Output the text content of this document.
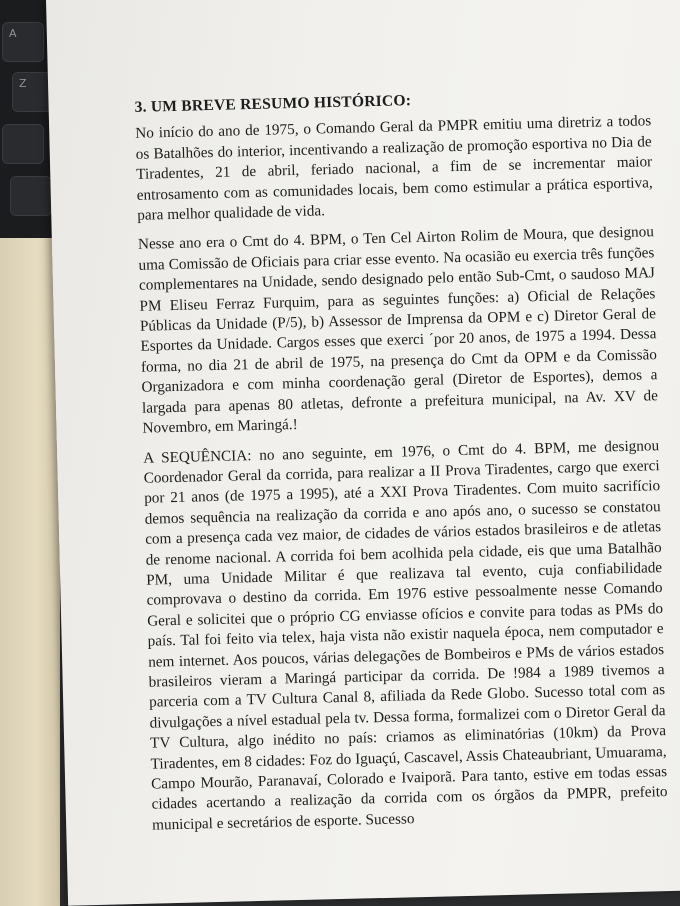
A
Z
3. UM BREVE RESUMO HISTÓRICO:

No início do ano de 1975, o Comando Geral da PMPR emitiu uma diretriz a todos os Batalhões do interior, incentivando a realização de promoção esportiva no Dia de Tiradentes, 21 de abril, feriado nacional, a fim de se incrementar maior entrosamento com as comunidades locais, bem como estimular a prática esportiva, para melhor qualidade de vida.

Nesse ano era o Cmt do 4. BPM, o Ten Cel Airton Rolim de Moura, que designou uma Comissão de Oficiais para criar esse evento. Na ocasião eu exercia três funções complementares na Unidade, sendo designado pelo então Sub-Cmt, o saudoso MAJ PM Eliseu Ferraz Furquim, para as seguintes funções: a) Oficial de Relações Públicas da Unidade (P/5), b) Assessor de Imprensa da OPM e c) Diretor Geral de Esportes da Unidade. Cargos esses que exerci ´por 20 anos, de 1975 a 1994. Dessa forma, no dia 21 de abril de 1975, na presença do Cmt da OPM e da Comissão Organizadora e com minha coordenação geral (Diretor de Esportes), demos a largada para apenas 80 atletas, defronte a prefeitura municipal, na Av. XV de Novembro, em Maringá.!

A SEQUÊNCIA: no ano seguinte, em 1976, o Cmt do 4. BPM, me designou Coordenador Geral da corrida, para realizar a II Prova Tiradentes, cargo que exerci por 21 anos (de 1975 a 1995), até a XXI Prova Tiradentes. Com muito sacrifício demos sequência na realização da corrida e ano após ano, o sucesso se constatou com a presença cada vez maior, de cidades de vários estados brasileiros e de atletas de renome nacional. A corrida foi bem acolhida pela cidade, eis que uma Batalhão PM, uma Unidade Militar é que realizava tal evento, cuja confiabilidade comprovava o destino da corrida. Em 1976 estive pessoalmente nesse Comando Geral e solicitei que o próprio CG enviasse ofícios e convite para todas as PMs do país. Tal foi feito via telex, haja vista não existir naquela época, nem computador e nem internet. Aos poucos, várias delegações de Bombeiros e PMs de vários estados brasileiros vieram a Maringá participar da corrida. De !984 a 1989 tivemos a parceria com a TV Cultura Canal 8, afiliada da Rede Globo. Sucesso total com as divulgações a nível estadual pela tv. Dessa forma, formalizei com o Diretor Geral da TV Cultura, algo inédito no país: criamos as eliminatórias (10km) da Prova Tiradentes, em 8 cidades: Foz do Iguaçú, Cascavel, Assis Chateaubriant, Umuarama, Campo Mourão, Paranavaí, Colorado e Ivaiporã. Para tanto, estive em todas essas cidades acertando a realização da corrida com os órgãos da PMPR, prefeito municipal e secretários de esporte. Sucesso
